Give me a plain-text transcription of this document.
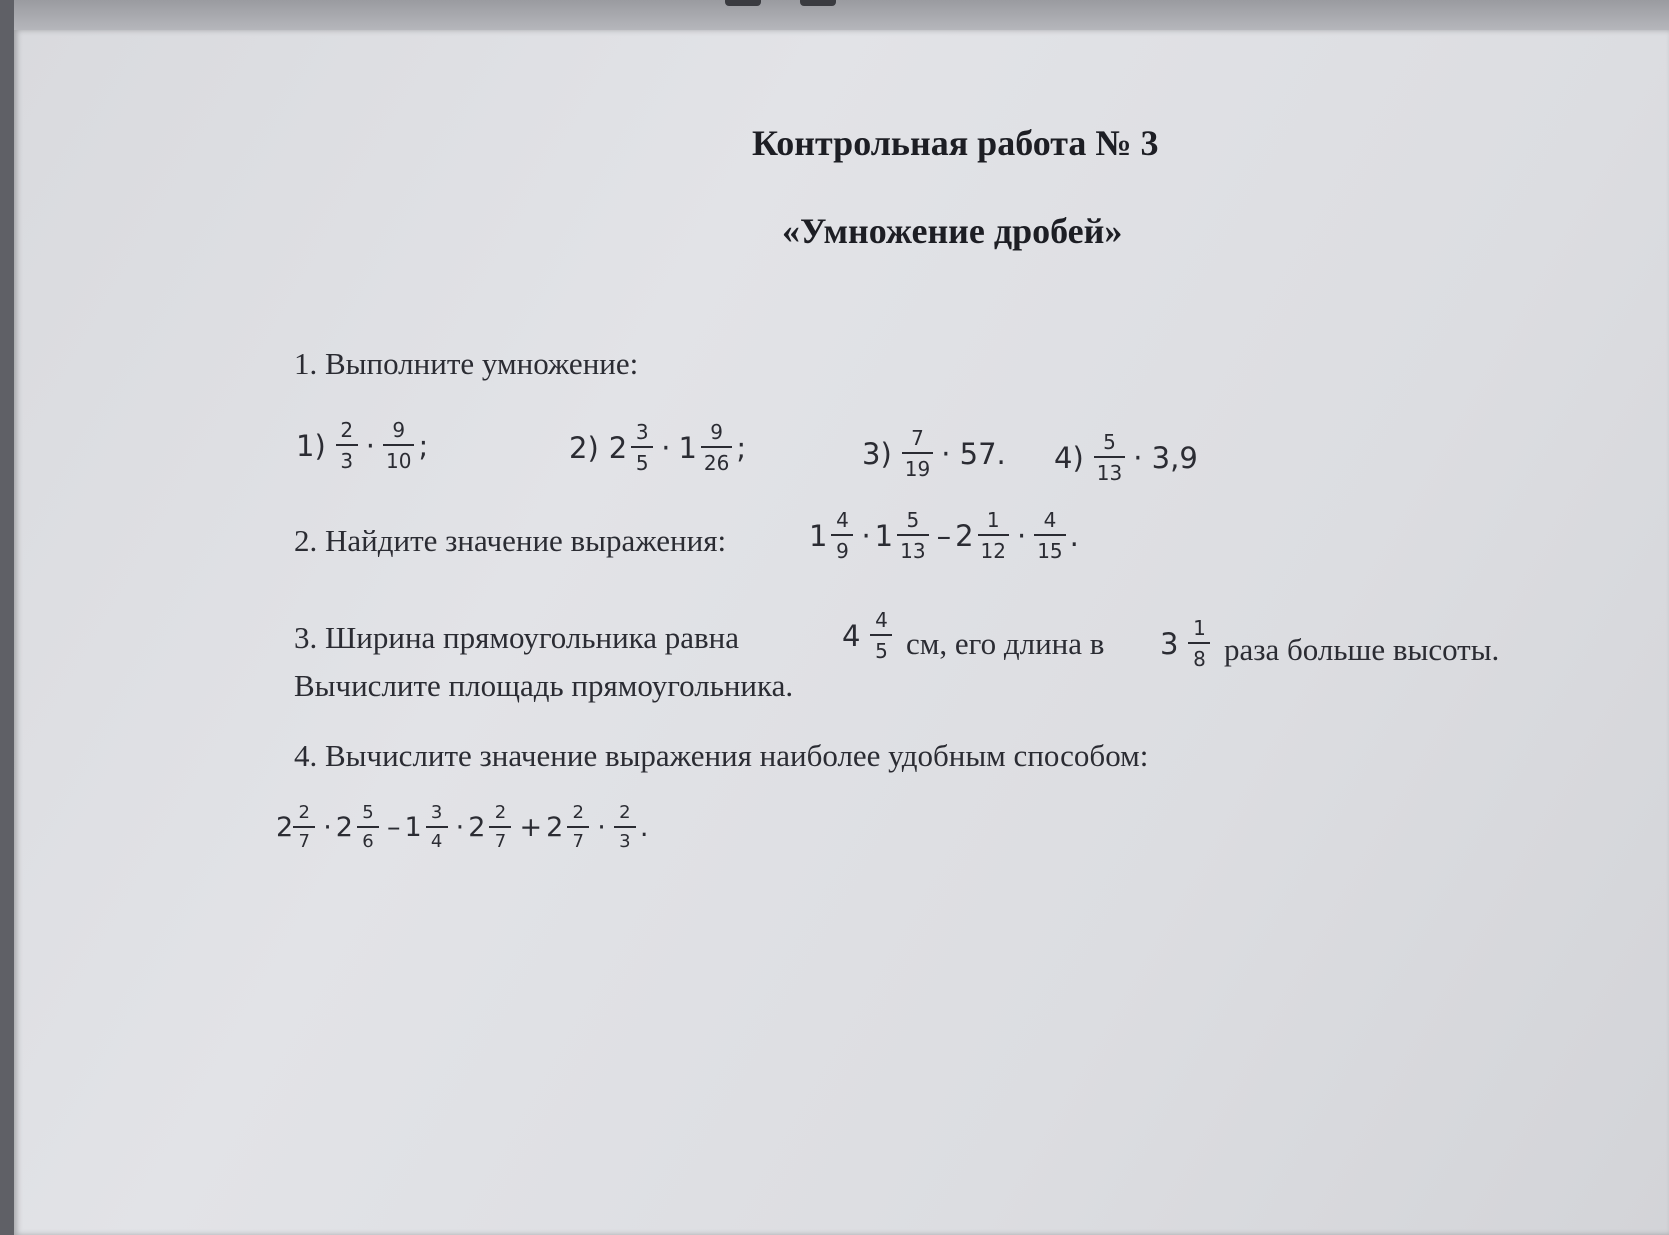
Контрольная работа № 3
«Умножение дробей»
1. Выполните умножение:
$1) \frac{2}{3} \cdot \frac{9}{10}$ ;	2) $2 \frac{3}{5} \cdot 1 \frac{9}{26}$ ;	$3) \frac{7}{19} \cdot 57$. $4) \frac{5}{13} \cdot 3,9$
2. Найдите значение выражения:	$1 \frac{4}{9} \cdot 1 \frac{5}{13} - 2 \frac{1}{12} \cdot \frac{4}{15}$ .
3. Ширина прямоугольника равна	$4 \frac{4}{5}$ см, его длина в $3 \frac{1}{8}$ раза больше высоты.
Вычислите площадь прямоугольника.
4. Вычислите значение выражения наиболее удобным способом:
$2 \frac{2}{7} \cdot 2 \frac{5}{6} - 1 \frac{3}{4} \cdot 2 \frac{2}{7} + 2 \frac{2}{7} \cdot \frac{2}{3}$ .
